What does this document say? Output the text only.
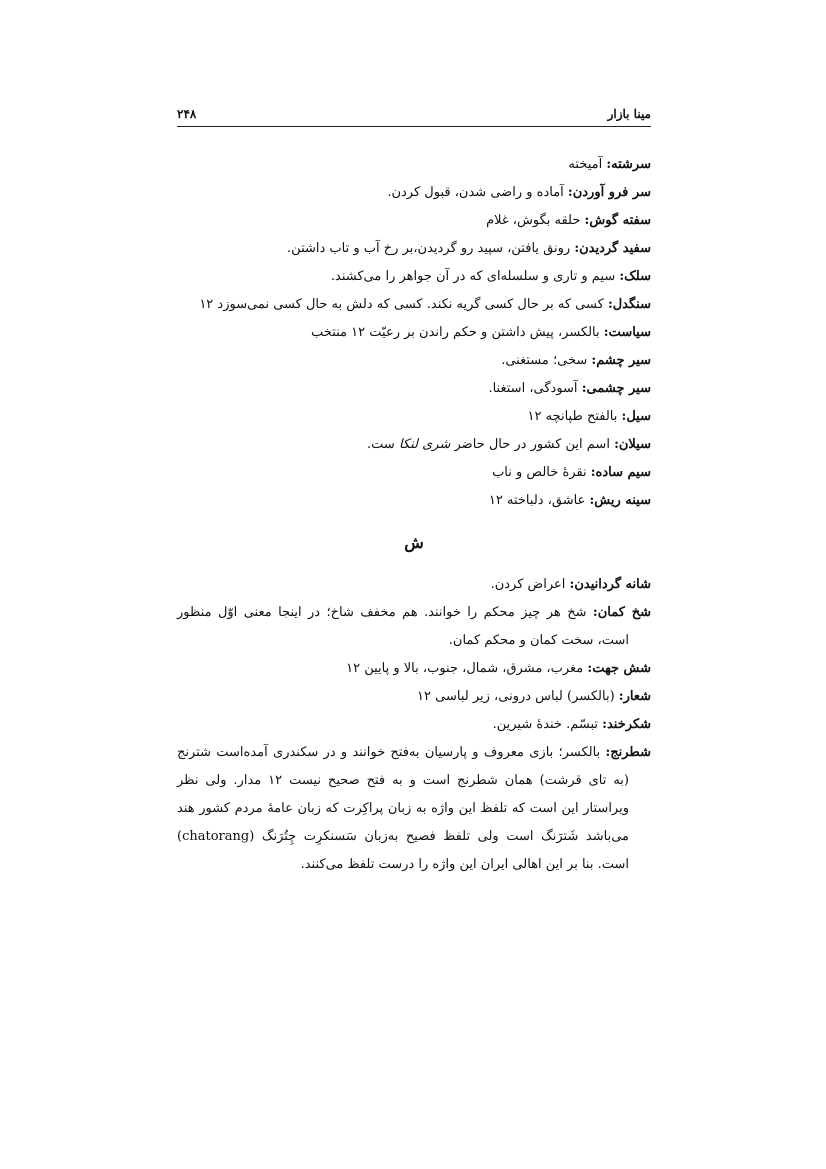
مینا بازار
۲۴۸

سرشته: آمیخته

سر فرو آوردن: آماده و راضی شدن، قبول کردن.

سفته گوش: حلقه بگوش، غلام

سفید گردیدن: رونق یافتن، سپید رو گردیدن،بر رخ آب و تاب داشتن.

سلک: سیم و تاری و سلسله‌ای که در آن جواهر را می‌کشند.

سنگدل: کسی که بر حال کسی گریه نکند. کسی که دلش به حال کسی نمی‌سوزد ۱۲

سیاست: بالکسر، پیش داشتن و حکم راندن بر رعیّت ۱۲ منتخب

سیر چشم: سخی؛ مستغنی.

سیر چشمی: آسودگی، استغنا.

سیل: بالفتح طپانچه ۱۲

سیلان: اسم این کشور در حال حاضر شری لنکا ست.

سیم ساده: نقرهٔ خالص و ناب

سینه ریش: عاشق، دلباخته ۱۲

ش

شانه گردانیدن: اعراض کردن.

شخ کمان: شخ هر چیز محکم را خوانند. هم مخفف شاخ؛ در اینجا معنی اوّل منظور است، سخت کمان و محکم کمان.

شش جهت: مغرب، مشرق، شمال، جنوب، بالا و پایین ۱۲

شعار: (بالکسر) لباس درونی، زیر لباسی ۱۲

شکرخند: تبسّم. خندهٔ شیرین.

شطرنج: بالکسر؛ بازی معروف و پارسیان به‌فتح خوانند و در سکندری آمده‌است شترنج (به تای قرشت) همان شطرنج است و به فتح صحیح نیست ۱۲ مدار. ولی نظر ویراستار این است که تلفظ این واژه به زبان پراکِرت که زبان عامهٔ مردم کشور هند می‌باشد شَترَنگ است ولی تلفظ فصیح به‌زبان سَسنکرِت چِتُرَنگ (chatorang) است. بنا بر این اهالی ایران این واژه را درست تلفظ می‌کنند.
